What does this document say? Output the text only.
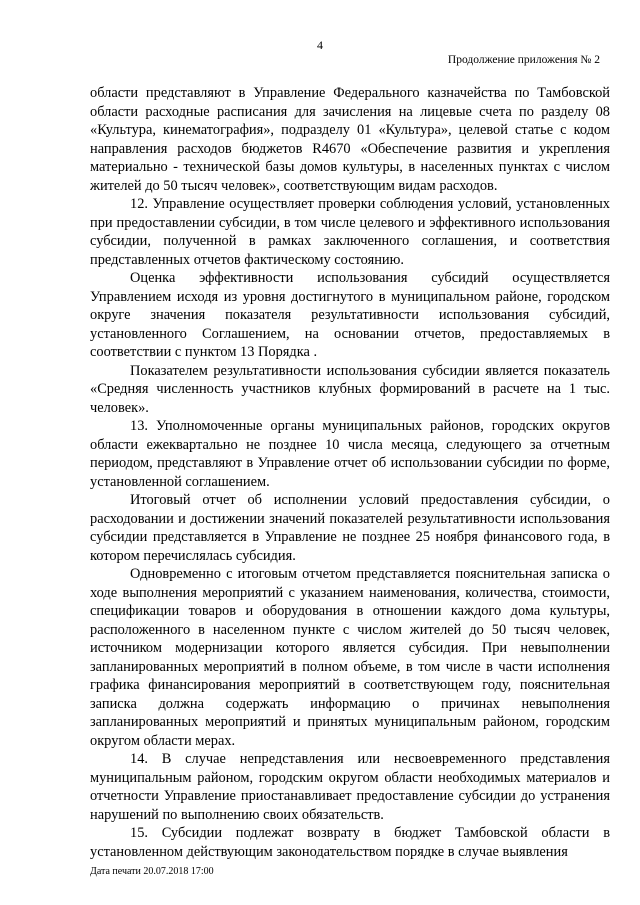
4
Продолжение приложения № 2

области представляют в Управление Федерального казначейства по Тамбовской области расходные расписания для зачисления на лицевые счета по разделу 08 «Культура, кинематография», подразделу 01 «Культура», целевой статье с кодом направления расходов бюджетов R4670 «Обеспечение развития и укрепления материально - технической базы домов культуры, в населенных пунктах с числом жителей до 50 тысяч человек», соответствующим видам расходов.

12. Управление осуществляет проверки соблюдения условий, установленных при предоставлении субсидии, в том числе целевого и эффективного использования субсидии, полученной в рамках заключенного соглашения, и соответствия представленных отчетов фактическому состоянию.

Оценка эффективности использования субсидий осуществляется Управлением исходя из уровня достигнутого в муниципальном районе, городском округе значения показателя результативности использования субсидий, установленного Соглашением, на основании отчетов, предоставляемых в соответствии с пунктом 13 Порядка .

Показателем результативности использования субсидии является показатель «Средняя численность участников клубных формирований в расчете на 1 тыс. человек».

13. Уполномоченные органы муниципальных районов, городских округов области ежеквартально не позднее 10 числа месяца, следующего за отчетным периодом, представляют в Управление отчет об использовании субсидии по форме, установленной соглашением.

Итоговый отчет об исполнении условий предоставления субсидии, о расходовании и достижении значений показателей результативности использования субсидии представляется в Управление не позднее 25 ноября финансового года, в котором перечислялась субсидия.

Одновременно с итоговым отчетом представляется пояснительная записка о ходе выполнения мероприятий с указанием наименования, количества, стоимости, спецификации товаров и оборудования в отношении каждого дома культуры, расположенного в населенном пункте с числом жителей до 50 тысяч человек, источником модернизации которого является субсидия. При невыполнении запланированных мероприятий в полном объеме, в том числе в части исполнения графика финансирования мероприятий в соответствующем году, пояснительная записка должна содержать информацию о причинах невыполнения запланированных мероприятий и принятых муниципальным районом, городским округом области мерах.

14. В случае непредставления или несвоевременного представления муниципальным районом, городским округом области необходимых материалов и отчетности Управление приостанавливает предоставление субсидии до устранения нарушений по выполнению своих обязательств.

15. Субсидии подлежат возврату в бюджет Тамбовской области в установленном действующим законодательством порядке в случае выявления

Дата печати 20.07.2018 17:00
